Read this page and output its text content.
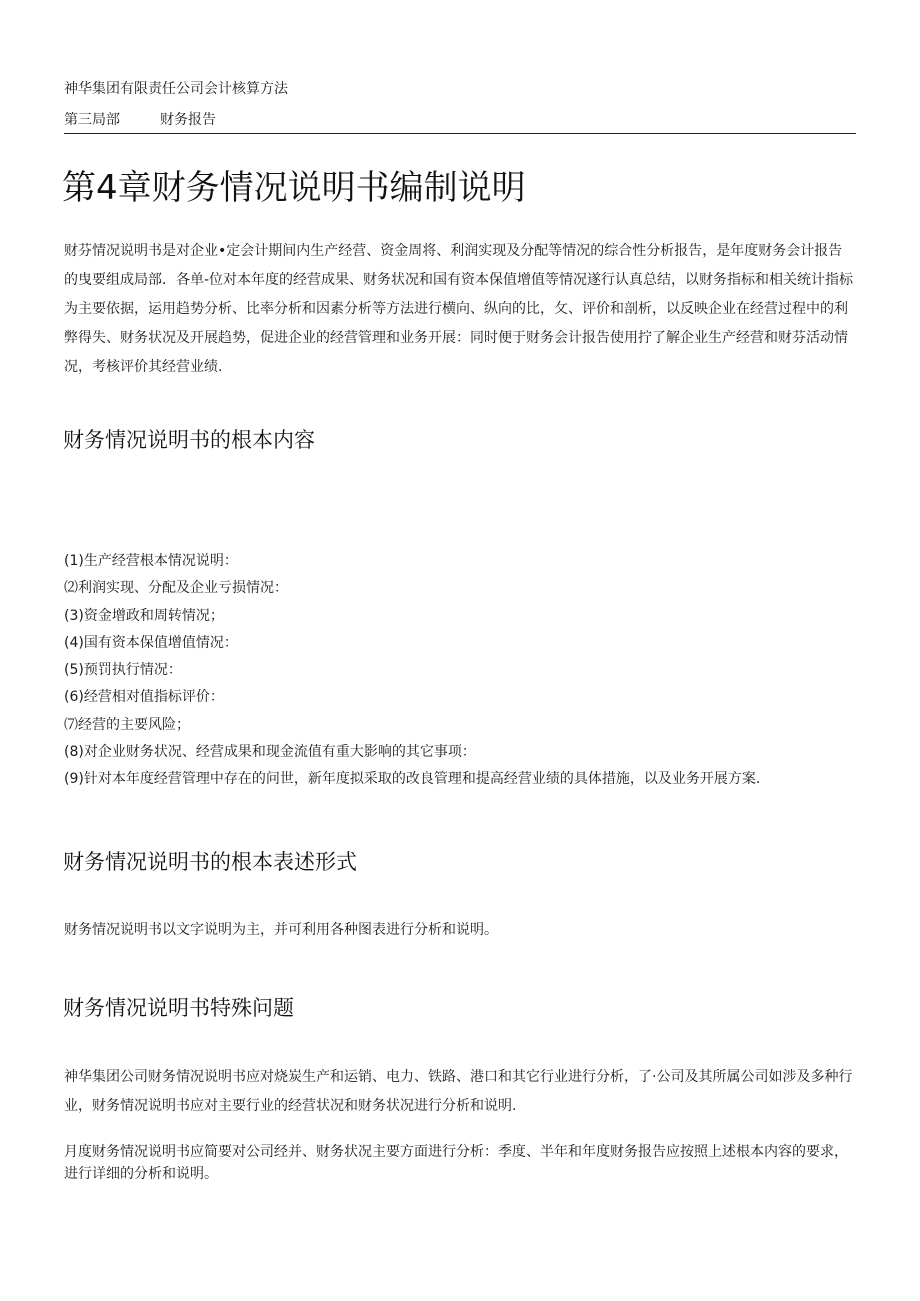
神华集团有限责任公司会计核算方法
第三局部	财务报告
第4章财务情况说明书编制说明

财芬情况说明书是对企业•定会计期间内生产经营、资金周将、利润实现及分配等情况的综合性分析报告，是年度财务会计报告的曳要组成局部．各单-位对本年度的经营成果、财务状况和国有资本保值增值等情况遂行认真总结，以财务指标和相关统计指标为主要依据，运用趋势分析、比率分析和因素分析等方法进行横向、纵向的比，攵、评价和剖析，以反映企业在经营过程中的利弊得失、财务状况及开展趋势，促进企业的经营管理和业务开展：同时便于财务会计报告使用拧了解企业生产经营和财芬活动情况，考核评价其经营业绩.

财务情况说明书的根本内容
(1)生产经营根本情况说明：
⑵利润实现、分配及企业亏损情况：
(3)资金增政和周转情况；
(4)国有资本保值增值情况：
(5)预罚执行情况：
(6)经营相对值指标评价：
⑺经营的主要风险；
(8)对企业财务状况、经营成果和现金流值有重大影响的其它事项：
(9)针对本年度经营管理中存在的问世，新年度拟采取的改良管理和提高经营业绩的具体措施，以及业务开展方案.
财务情况说明书的根本表述形式

财务情况说明书以文字说明为主，并可利用各种图表进行分析和说明。

财务情况说明书特殊问题

神华集团公司财务情况说明书应对烧炭生产和运销、电力、铁路、港口和其它行业进行分析，了·公司及其所属公司如涉及多种行业，财务情况说明书应对主要行业的经营状况和财务状况进行分析和说明.

月度财务情况说明书应简要对公司经并、财务状况主要方面进行分析：季度、半年和年度财务报告应按照上述根本内容的要求，进行详细的分析和说明。
